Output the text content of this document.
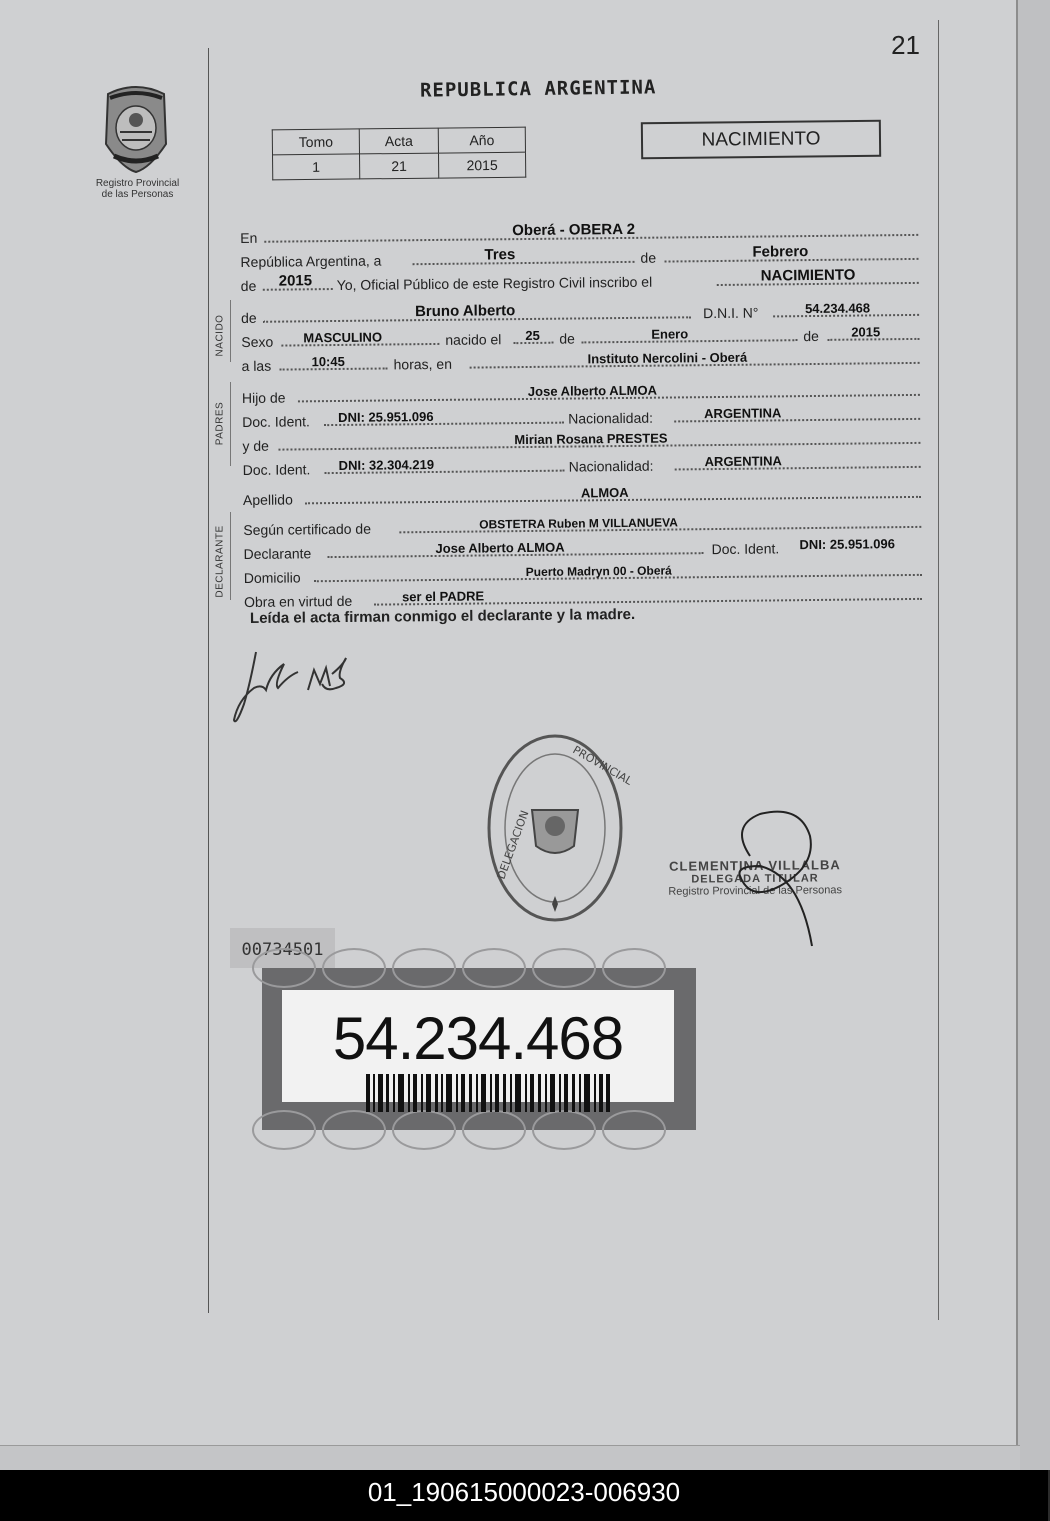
21
Registro Provincial
de las Personas
REPUBLICA ARGENTINA
Tomo	Acta	Año
1	21	2015
NACIMIENTO
En	Oberá - OBERA 2
República Argentina, a	Tres	de	Febrero
de 2015 Yo, Oficial Público de este Registro Civil inscribo el	NACIMIENTO
de	Bruno Alberto	D.N.I. N°	54.234.468
Sexo MASCULINO	nacido el 25 de	Enero	de 2015
a las	10:45	horas, en	Instituto Nercolini - Oberá
Hijo de	Jose Alberto ALMOA
Doc. Ident. DNI: 25.951.096	Nacionalidad:	ARGENTINA
y de	Mirian Rosana PRESTES
Doc. Ident. DNI: 32.304.219	Nacionalidad:	ARGENTINA
Apellido	ALMOA
Según certificado de	OBSTETRA Ruben M VILLANUEVA
Declarante	Jose Alberto ALMOA	Doc. Ident. DNI: 25.951.096
Domicilio	Puerto Madryn 00 - Oberá
Obra en virtud de	ser el PADRE
NACIDO
PADRES
DECLARANTE
Leída el acta firman conmigo el declarante y la madre.
DELEGACION
PROVINCIAL
CLEMENTINA VILLALBA
DELEGADA TITULAR
Registro Provincial de las Personas
00734501
54.234.468
01_190615000023-006930
